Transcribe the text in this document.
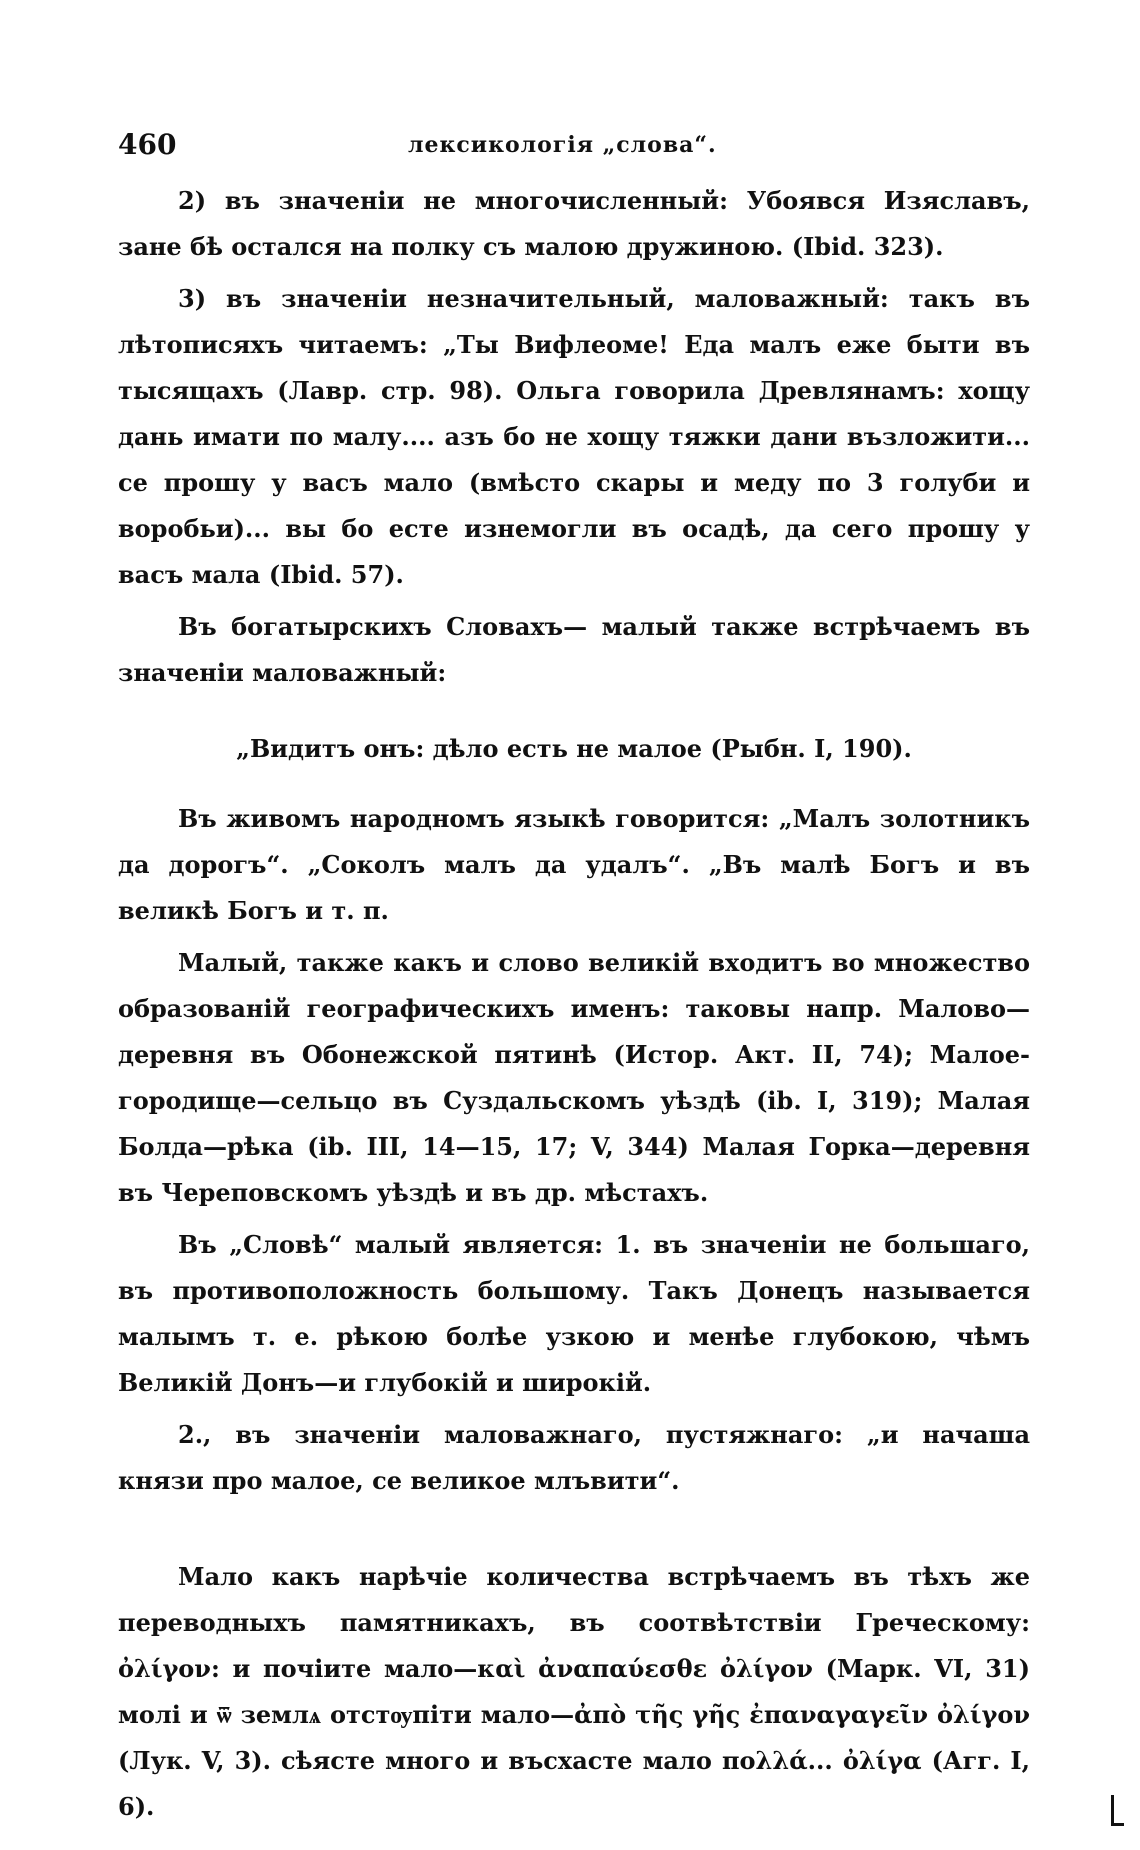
460	лексикологія „слова“.

2) въ значеніи не многочисленный: Убоявся Изяславъ, зане бѣ остался на полку съ малою дружиною. (Ibid. 323).

3) въ значеніи незначительный, маловажный: такъ въ лѣтописяхъ читаемъ: „Ты Вифлеоме! Еда малъ еже быти въ тысящахъ (Лавр. стр. 98). Ольга говорила Древлянамъ: хощу дань имати по малу.... азъ бо не хощу тяжки дани възложити... се прошу у васъ мало (вмѣсто скары и меду по 3 голуби и воробьи)... вы бо есте изнемогли въ осадѣ, да сего прошу у васъ мала (Ibid. 57).

Въ богатырскихъ Словахъ— малый также встрѣчаемъ въ значеніи маловажный:

„Видитъ онъ: дѣло есть не малое (Рыбн. I, 190).

Въ живомъ народномъ языкѣ говорится: „Малъ золотникъ да дорогъ“. „Соколъ малъ да удалъ“. „Въ малѣ Богъ и въ великѣ Богъ и т. п.

Малый, также какъ и слово великій входитъ во множество образованій географическихъ именъ: таковы напр. Малово—деревня въ Обонежской пятинѣ (Истор. Акт. II, 74); Малое-городище—сельцо въ Суздальскомъ уѣздѣ (ib. I, 319); Малая Болда—рѣка (ib. III, 14—15, 17; V, 344) Малая Горка—деревня въ Череповскомъ уѣздѣ и въ др. мѣстахъ.

Въ „Словѣ“ малый является: 1. въ значеніи не большаго, въ противоположность большому. Такъ Донецъ называется малымъ т. е. рѣкою болѣе узкою и менѣе глубокою, чѣмъ Великій Донъ—и глубокій и широкій.

2., въ значеніи маловажнаго, пустяжнаго: „и начаша князи про малое, се великое млъвити“.

Мало какъ нарѣчіе количества встрѣчаемъ въ тѣхъ же переводныхъ памятникахъ, въ соотвѣтствіи Греческому: ὀλίγον: и почіите мало—καὶ ἀναπαύεσθε ὀλίγον (Марк. VI, 31) молі и ѿ землѧ отстѹпіти мало—ἀπὸ τῆς γῆς ἐπαναγαγεῖν ὀλίγον (Лук. V, 3). сѣясте много и въсхасте мало πολλά... ὀλίγα (Агг. I, 6).
